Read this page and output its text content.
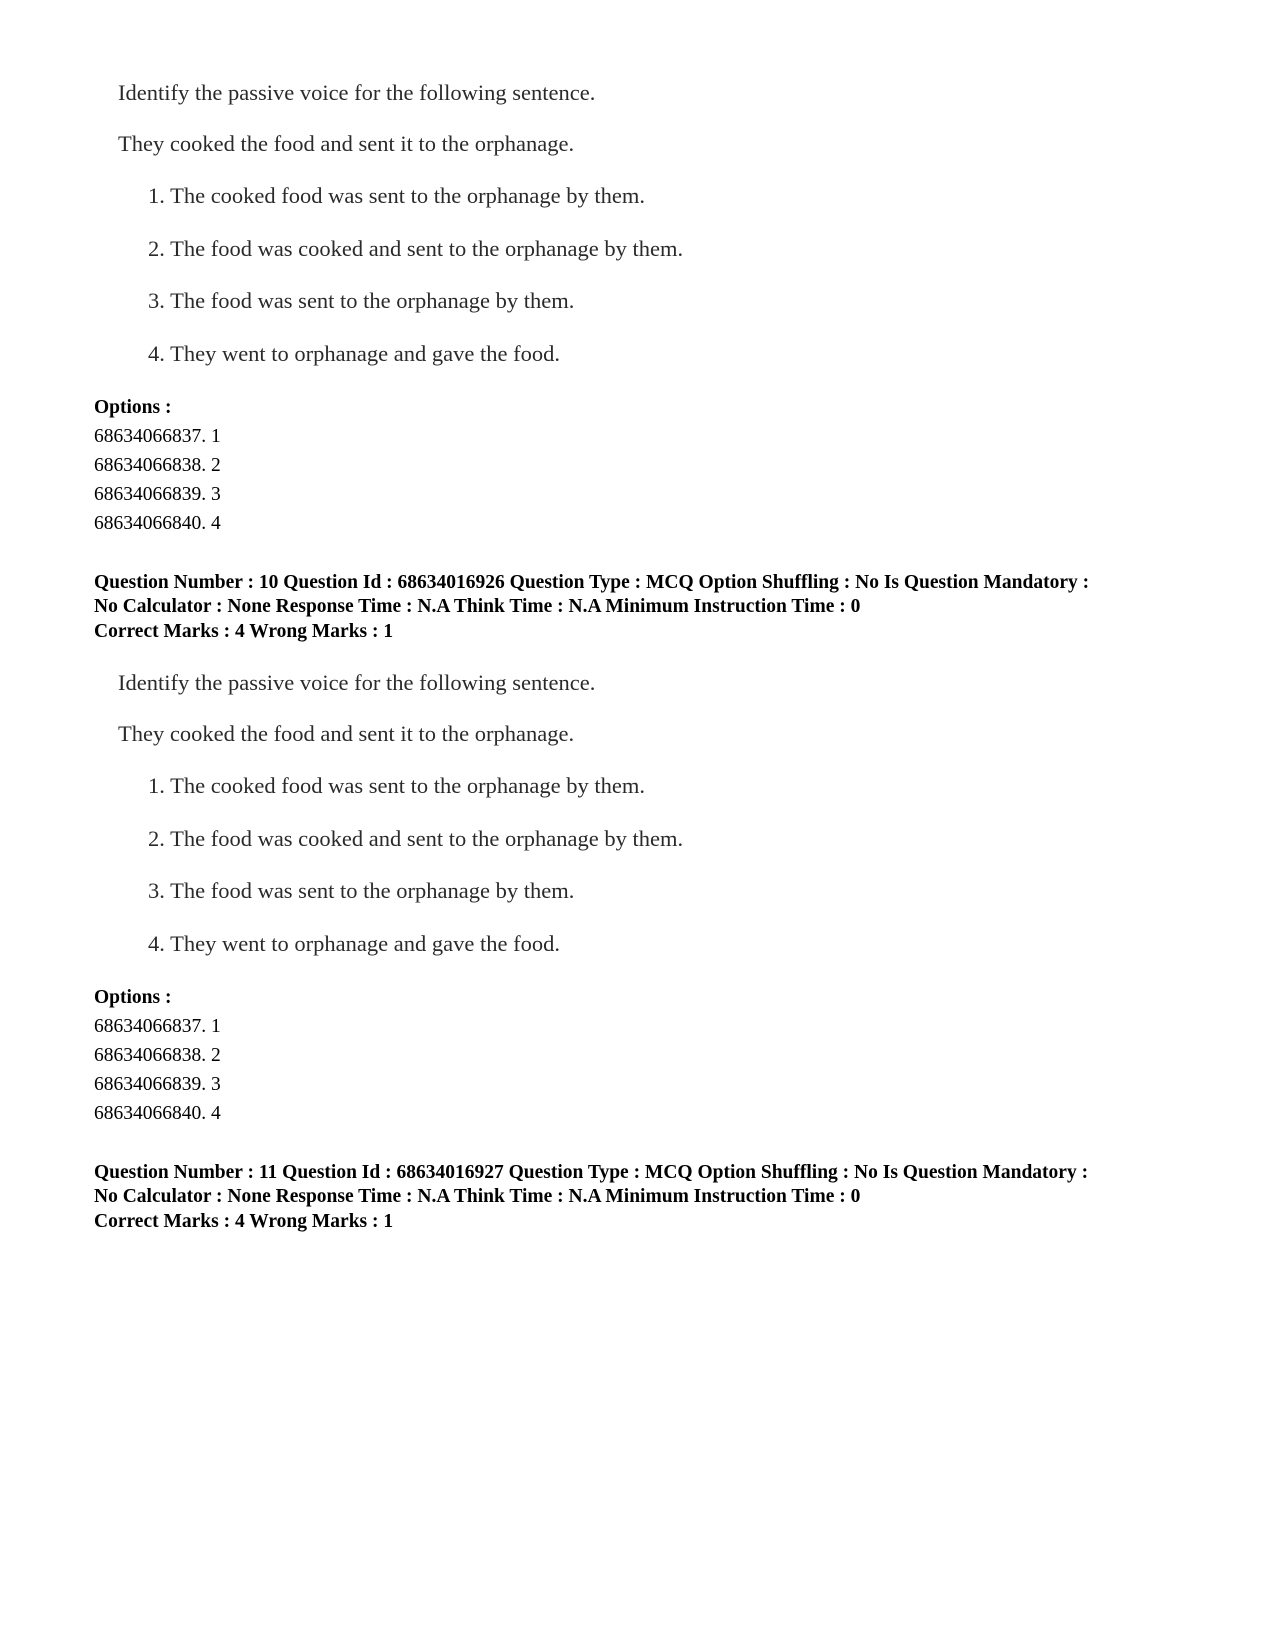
Identify the passive voice for the following sentence.
They cooked the food and sent it to the orphanage.
1. The cooked food was sent to the orphanage by them.
2. The food was cooked and sent to the orphanage by them.
3. The food was sent to the orphanage by them.
4. They went to orphanage and gave the food.
Options :
68634066837. 1
68634066838. 2
68634066839. 3
68634066840. 4
Question Number : 10 Question Id : 68634016926 Question Type : MCQ Option Shuffling : No Is Question Mandatory :
No Calculator : None Response Time : N.A Think Time : N.A Minimum Instruction Time : 0
Correct Marks : 4 Wrong Marks : 1
Identify the passive voice for the following sentence.
They cooked the food and sent it to the orphanage.
1. The cooked food was sent to the orphanage by them.
2. The food was cooked and sent to the orphanage by them.
3. The food was sent to the orphanage by them.
4. They went to orphanage and gave the food.
Options :
68634066837. 1
68634066838. 2
68634066839. 3
68634066840. 4
Question Number : 11 Question Id : 68634016927 Question Type : MCQ Option Shuffling : No Is Question Mandatory :
No Calculator : None Response Time : N.A Think Time : N.A Minimum Instruction Time : 0
Correct Marks : 4 Wrong Marks : 1
